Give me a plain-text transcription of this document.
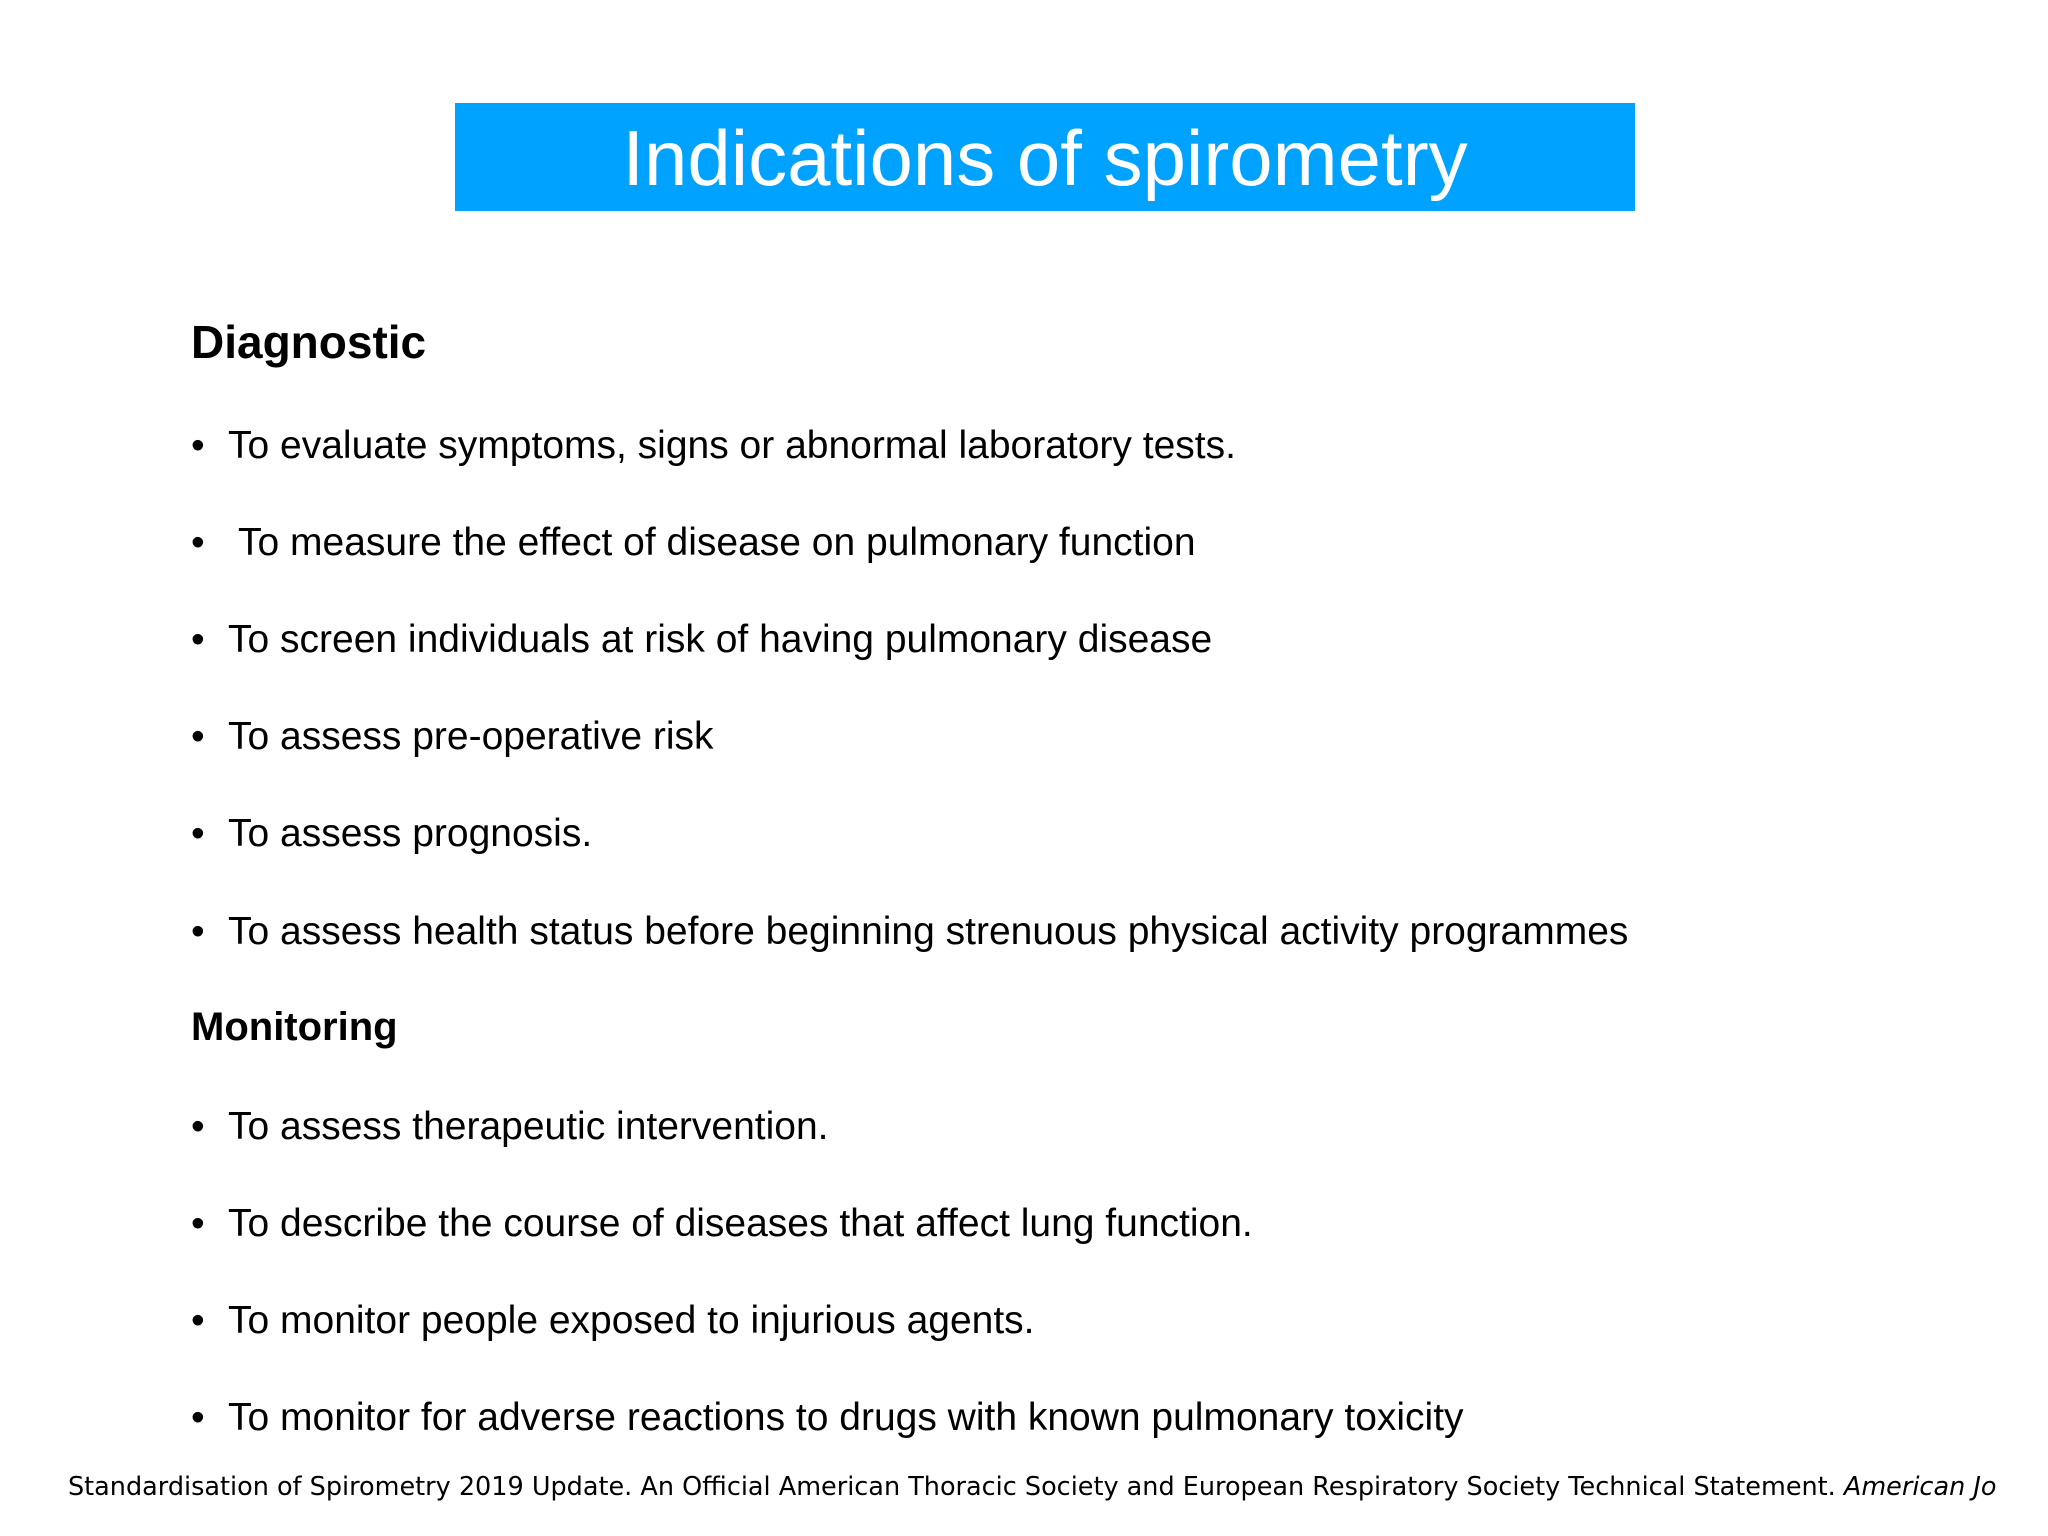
Indications of spirometry
Diagnostic
• To evaluate symptoms, signs or abnormal laboratory tests.
• To measure the effect of disease on pulmonary function
• To screen individuals at risk of having pulmonary disease
• To assess pre-operative risk
• To assess prognosis.
• To assess health status before beginning strenuous physical activity programmes
Monitoring
• To assess therapeutic intervention.
• To describe the course of diseases that affect lung function.
• To monitor people exposed to injurious agents.
• To monitor for adverse reactions to drugs with known pulmonary toxicity
Standardisation of Spirometry 2019 Update. An Official American Thoracic Society and European Respiratory Society Technical Statement. American Jo
